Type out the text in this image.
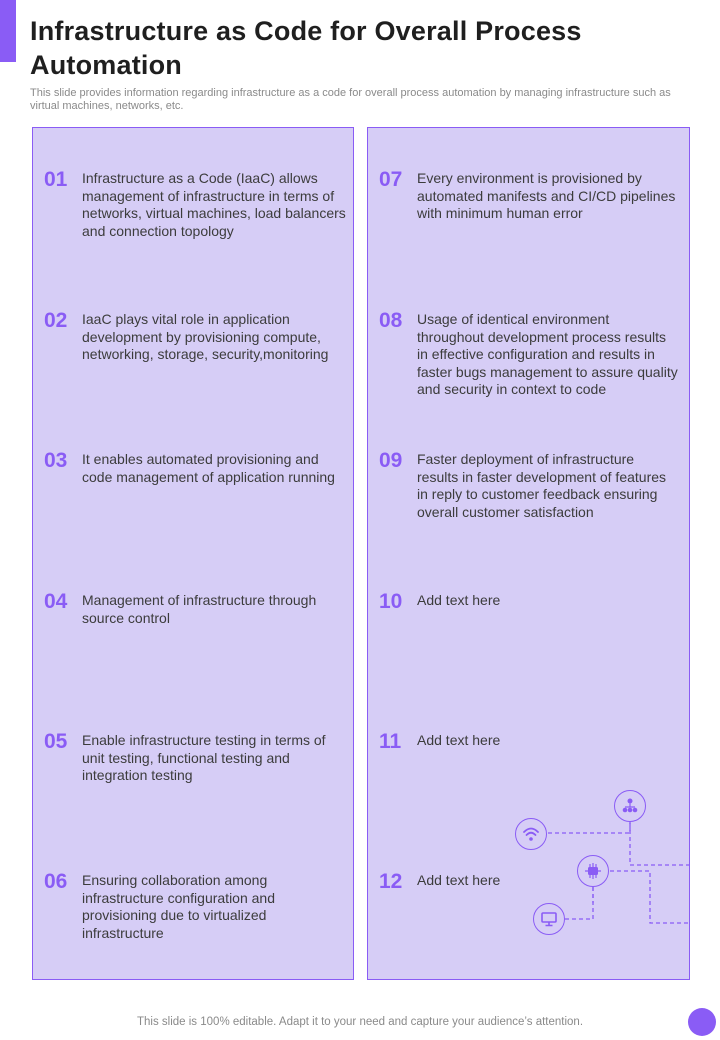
Infrastructure as Code for Overall Process Automation
This slide provides information regarding infrastructure as a code for overall process automation by managing infrastructure such as virtual machines, networks, etc.
01 Infrastructure as a Code (IaaC) allows management of infrastructure in terms of networks, virtual machines, load balancers and connection topology
02 IaaC plays vital role in application development by provisioning compute, networking, storage, security,monitoring
03 It enables automated provisioning and code management of application running
04 Management of infrastructure through source control
05 Enable infrastructure testing in terms of unit testing, functional testing and integration testing
06 Ensuring collaboration among infrastructure configuration and provisioning due to virtualized infrastructure
07 Every environment is provisioned by automated manifests and CI/CD pipelines with minimum human error
08 Usage of identical environment throughout development process results in effective configuration and results in faster bugs management to assure quality and security in context to code
09 Faster deployment of infrastructure results in faster development of features in reply to customer feedback ensuring overall customer satisfaction
10 Add text here
11 Add text here
12 Add text here
This slide is 100% editable. Adapt it to your need and capture your audience’s attention.
